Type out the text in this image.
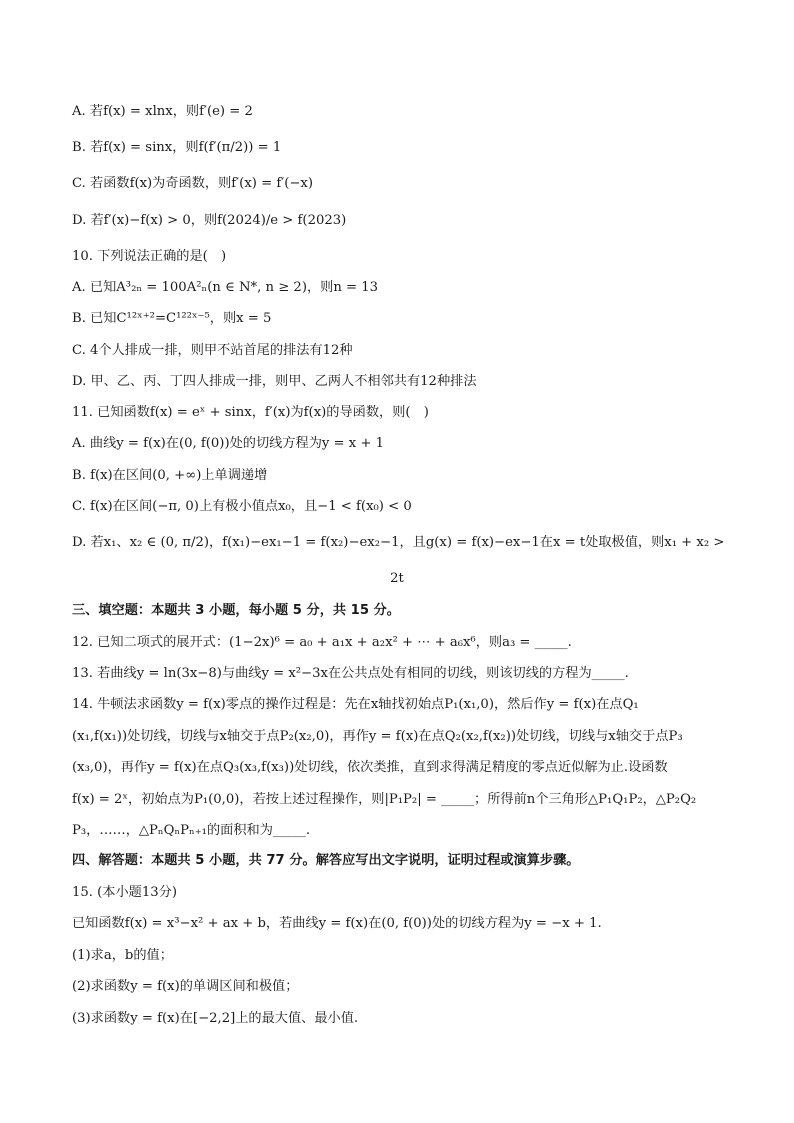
A. 若f(x) = xlnx，则f′(e) = 2
B. 若f(x) = sinx，则f(f′(π/2)) = 1
C. 若函数f(x)为奇函数，则f′(x) = f′(−x)
D. 若f′(x)−f(x) > 0，则f(2024)/e > f(2023)
10. 下列说法正确的是(　)
A. 已知A³₂ₙ = 100A²ₙ(n ∈ N*, n ≥ 2)，则n = 13
B. 已知C¹²ˣ⁺²=C¹²²ˣ⁻⁵，则x = 5
C. 4个人排成一排，则甲不站首尾的排法有12种
D. 甲、乙、丙、丁四人排成一排，则甲、乙两人不相邻共有12种排法
11. 已知函数f(x) = eˣ + sinx，f′(x)为f(x)的导函数，则(　)
A. 曲线y = f(x)在(0, f(0))处的切线方程为y = x + 1
B. f(x)在区间(0, +∞)上单调递增
C. f(x)在区间(−π, 0)上有极小值点x₀，且−1 < f(x₀) < 0
D. 若x₁、x₂ ∈ (0, π/2)，f(x₁)−ex₁−1 = f(x₂)−ex₂−1，且g(x) = f(x)−ex−1在x = t处取极值，则x₁ + x₂ >
2t
三、填空题：本题共 3 小题，每小题 5 分，共 15 分。
12. 已知二项式的展开式：(1−2x)⁶ = a₀ + a₁x + a₂x² + ⋯ + a₆x⁶，则a₃ = _____.
13. 若曲线y = ln(3x−8)与曲线y = x²−3x在公共点处有相同的切线，则该切线的方程为_____.
14. 牛顿法求函数y = f(x)零点的操作过程是：先在x轴找初始点P₁(x₁,0)，然后作y = f(x)在点Q₁
(x₁,f(x₁))处切线，切线与x轴交于点P₂(x₂,0)，再作y = f(x)在点Q₂(x₂,f(x₂))处切线，切线与x轴交于点P₃
(x₃,0)，再作y = f(x)在点Q₃(x₃,f(x₃))处切线，依次类推，直到求得满足精度的零点近似解为止.设函数
f(x) = 2ˣ，初始点为P₁(0,0)，若按上述过程操作，则|P₁P₂| = _____；所得前n个三角形△P₁Q₁P₂，△P₂Q₂
P₃，……，△PₙQₙPₙ₊₁的面积和为_____.
四、解答题：本题共 5 小题，共 77 分。解答应写出文字说明，证明过程或演算步骤。
15. (本小题13分)
已知函数f(x) = x³−x² + ax + b，若曲线y = f(x)在(0, f(0))处的切线方程为y = −x + 1.
(1)求a，b的值；
(2)求函数y = f(x)的单调区间和极值；
(3)求函数y = f(x)在[−2,2]上的最大值、最小值.
